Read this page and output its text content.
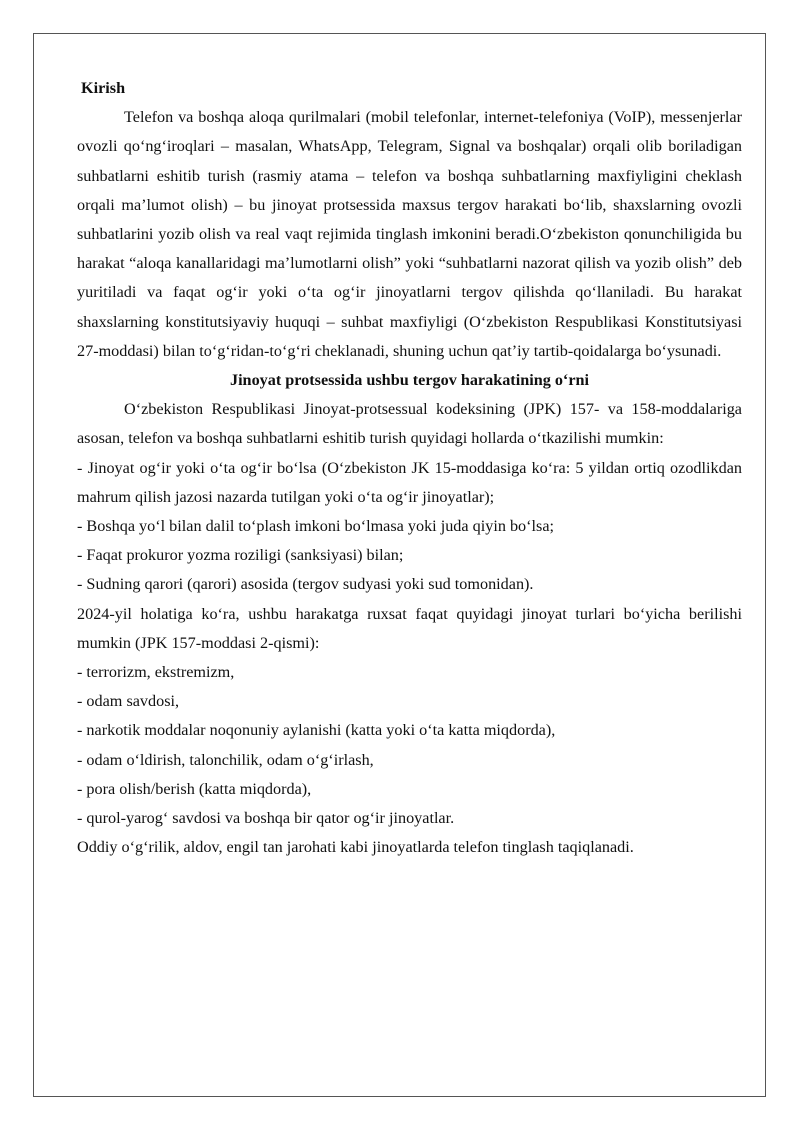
Kirish

Telefon va boshqa aloqa qurilmalari (mobil telefonlar, internet-telefoniya (VoIP), messenjerlar ovozli qo‘ng‘iroqlari – masalan, WhatsApp, Telegram, Signal va boshqalar) orqali olib boriladigan suhbatlarni eshitib turish (rasmiy atama – telefon va boshqa suhbatlarning maxfiyligini cheklash orqali ma’lumot olish) – bu jinoyat protsessida maxsus tergov harakati bo‘lib, shaxslarning ovozli suhbatlarini yozib olish va real vaqt rejimida tinglash imkonini beradi.O‘zbekiston qonunchiligida bu harakat “aloqa kanallaridagi ma’lumotlarni olish” yoki “suhbatlarni nazorat qilish va yozib olish” deb yuritiladi va faqat og‘ir yoki o‘ta og‘ir jinoyatlarni tergov qilishda qo‘llaniladi. Bu harakat shaxslarning konstitutsiyaviy huquqi – suhbat maxfiyligi (O‘zbekiston Respublikasi Konstitutsiyasi 27-moddasi) bilan to‘g‘ridan-to‘g‘ri cheklanadi, shuning uchun qat’iy tartib-qoidalarga bo‘ysunadi.

Jinoyat protsessida ushbu tergov harakatining o‘rni

O‘zbekiston Respublikasi Jinoyat-protsessual kodeksining (JPK) 157- va 158-moddalariga asosan, telefon va boshqa suhbatlarni eshitib turish quyidagi hollarda o‘tkazilishi mumkin:

- Jinoyat og‘ir yoki o‘ta og‘ir bo‘lsa (O‘zbekiston JK 15-moddasiga ko‘ra: 5 yildan ortiq ozodlikdan mahrum qilish jazosi nazarda tutilgan yoki o‘ta og‘ir jinoyatlar);
- Boshqa yo‘l bilan dalil to‘plash imkoni bo‘lmasa yoki juda qiyin bo‘lsa;
- Faqat prokuror yozma roziligi (sanksiyasi) bilan;
- Sudning qarori (qarori) asosida (tergov sudyasi yoki sud tomonidan).

2024-yil holatiga ko‘ra, ushbu harakatga ruxsat faqat quyidagi jinoyat turlari bo‘yicha berilishi mumkin (JPK 157-moddasi 2-qismi):

- terrorizm, ekstremizm,
- odam savdosi,
- narkotik moddalar noqonuniy aylanishi (katta yoki o‘ta katta miqdorda),
- odam o‘ldirish, talonchilik, odam o‘g‘irlash,
- pora olish/berish (katta miqdorda),
- qurol-yarog‘ savdosi va boshqa bir qator og‘ir jinoyatlar.

Oddiy o‘g‘rilik, aldov, engil tan jarohati kabi jinoyatlarda telefon tinglash taqiqlanadi.
